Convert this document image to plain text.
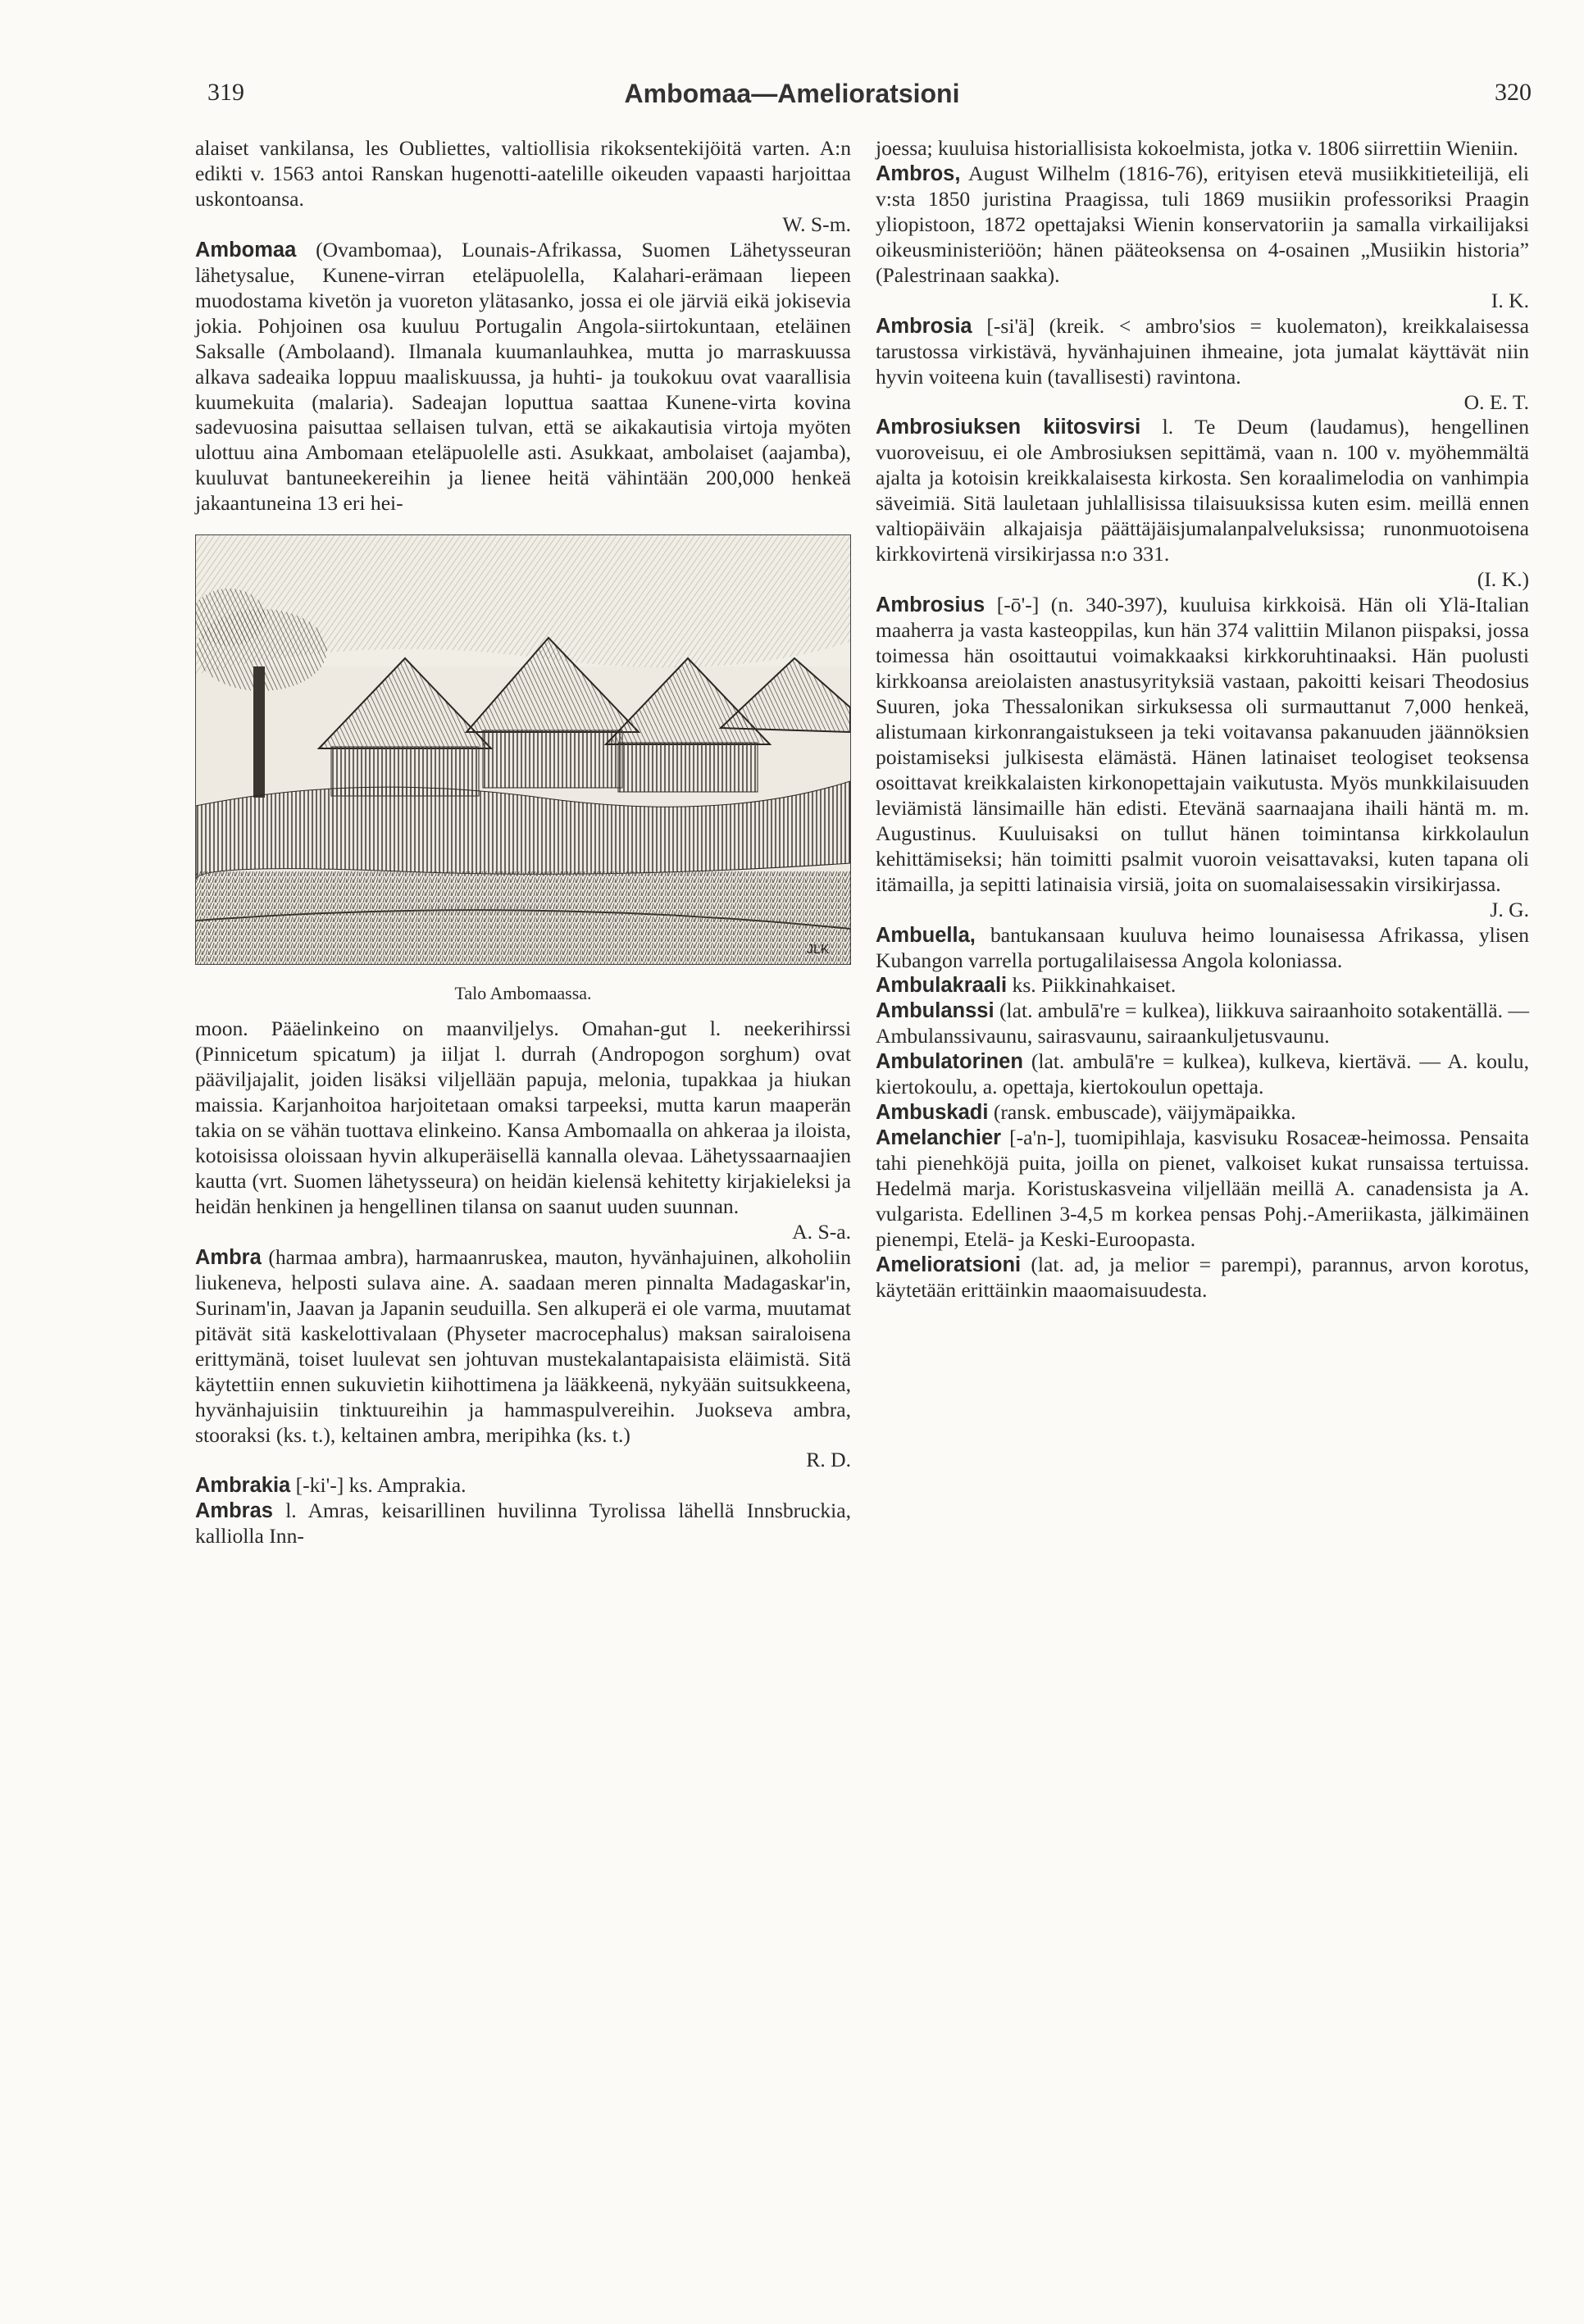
319	Ambomaa—Amelioratsioni	320

alaiset vankilansa, les Oubliettes, valtiollisia rikoksentekijöitä varten. A:n edikti v. 1563 antoi Ranskan hugenotti-aatelille oikeuden vapaasti harjoittaa uskontoansa.

W. S-m.

Ambomaa (Ovambomaa), Lounais-Afrikassa, Suomen Lähetysseuran lähetysalue, Kunene-virran eteläpuolella, Kalahari-erämaan liepeen muodostama kivetön ja vuoreton ylätasanko, jossa ei ole järviä eikä jokisevia jokia. Pohjoinen osa kuuluu Portugalin Angola-siirtokuntaan, eteläinen Saksalle (Ambolaand). Ilmanala kuumanlauhkea, mutta jo marraskuussa alkava sadeaika loppuu maaliskuussa, ja huhti- ja toukokuu ovat vaarallisia kuumekuita (malaria). Sadeajan loputtua saattaa Kunene-virta kovina sadevuosina paisuttaa sellaisen tulvan, että se aikakautisia virtoja myöten ulottuu aina Ambomaan eteläpuolelle asti. Asukkaat, ambolaiset (aajamba), kuuluvat bantuneekereihin ja lienee heitä vähintään 200,000 henkeä jakaantuneina 13 eri hei-

JLK
Talo Ambomaassa.

moon. Pääelinkeino on maanviljelys. Omahan-gut l. neekerihirssi (Pinnicetum spicatum) ja iiljat l. durrah (Andropogon sorghum) ovat pääviljajalit, joiden lisäksi viljellään papuja, melonia, tupakkaa ja hiukan maissia. Karjanhoitoa harjoitetaan omaksi tarpeeksi, mutta karun maaperän takia on se vähän tuottava elinkeino. Kansa Ambomaalla on ahkeraa ja iloista, kotoisissa oloissaan hyvin alkuperäisellä kannalla olevaa. Lähetyssaarnaajien kautta (vrt. Suomen lähetysseura) on heidän kielensä kehitetty kirjakieleksi ja heidän henkinen ja hengellinen tilansa on saanut uuden suunnan.

A. S-a.

Ambra (harmaa ambra), harmaanruskea, mauton, hyvänhajuinen, alkoholiin liukeneva, helposti sulava aine. A. saadaan meren pinnalta Madagaskar'in, Surinam'in, Jaavan ja Japanin seuduilla. Sen alkuperä ei ole varma, muutamat pitävät sitä kaskelottivalaan (Physeter macrocephalus) maksan sairaloisena erittymänä, toiset luulevat sen johtuvan mustekalantapaisista eläimistä. Sitä käytettiin ennen sukuvietin kiihottimena ja lääkkeenä, nykyään suitsukkeena, hyvänhajuisiin tinktuureihin ja hammaspulvereihin. Juokseva ambra, stooraksi (ks. t.), keltainen ambra, meripihka (ks. t.)

R. D.

Ambrakia [-ki'-] ks. Amprakia.

Ambras l. Amras, keisarillinen huvilinna Tyrolissa lähellä Innsbruckia, kalliolla Inn-

joessa; kuuluisa historiallisista kokoelmista, jotka v. 1806 siirrettiin Wieniin.

Ambros, August Wilhelm (1816-76), erityisen etevä musiikkitieteilijä, eli v:sta 1850 juristina Praagissa, tuli 1869 musiikin professoriksi Praagin yliopistoon, 1872 opettajaksi Wienin konservatoriin ja samalla virkailijaksi oikeusministeriöön; hänen pääteoksensa on 4-osainen „Musiikin historia” (Palestrinaan saakka).

I. K.

Ambrosia [-si'ä] (kreik. < ambro'sios = kuolematon), kreikkalaisessa tarustossa virkistävä, hyvänhajuinen ihmeaine, jota jumalat käyttävät niin hyvin voiteena kuin (tavallisesti) ravintona.

O. E. T.

Ambrosiuksen kiitosvirsi l. Te Deum (laudamus), hengellinen vuoroveisuu, ei ole Ambrosiuksen sepittämä, vaan n. 100 v. myöhemmältä ajalta ja kotoisin kreikkalaisesta kirkosta. Sen koraalimelodia on vanhimpia säveimiä. Sitä lauletaan juhlallisissa tilaisuuksissa kuten esim. meillä ennen valtiopäiväin alkajaisja päättäjäisjumalanpalveluksissa; runonmuotoisena kirkkovirtenä virsikirjassa n:o 331.

(I. K.)

Ambrosius [-ō'-] (n. 340-397), kuuluisa kirkkoisä. Hän oli Ylä-Italian maaherra ja vasta kasteoppilas, kun hän 374 valittiin Milanon piispaksi, jossa toimessa hän osoittautui voimakkaaksi kirkkoruhtinaaksi. Hän puolusti kirkkoansa areiolaisten anastusyrityksiä vastaan, pakoitti keisari Theodosius Suuren, joka Thessalonikan sirkuksessa oli surmauttanut 7,000 henkeä, alistumaan kirkonrangaistukseen ja teki voitavansa pakanuuden jäännöksien poistamiseksi julkisesta elämästä. Hänen latinaiset teologiset teoksensa osoittavat kreikkalaisten kirkonopettajain vaikutusta. Myös munkkilaisuuden leviämistä länsimaille hän edisti. Etevänä saarnaajana ihaili häntä m. m. Augustinus. Kuuluisaksi on tullut hänen toimintansa kirkkolaulun kehittämiseksi; hän toimitti psalmit vuoroin veisattavaksi, kuten tapana oli itämailla, ja sepitti latinaisia virsiä, joita on suomalaisessakin virsikirjassa.

J. G.

Ambuella, bantukansaan kuuluva heimo lounaisessa Afrikassa, ylisen Kubangon varrella portugalilaisessa Angola koloniassa.

Ambulakraali ks. Piikkinahkaiset.

Ambulanssi (lat. ambulā're = kulkea), liikkuva sairaanhoito sotakentällä. — Ambulanssivaunu, sairasvaunu, sairaankuljetusvaunu.

Ambulatorinen (lat. ambulā're = kulkea), kulkeva, kiertävä. — A. koulu, kiertokoulu, a. opettaja, kiertokoulun opettaja.

Ambuskadi (ransk. embuscade), väijymäpaikka.

Amelanchier [-a'n-], tuomipihlaja, kasvisuku Rosaceæ-heimossa. Pensaita tahi pienehköjä puita, joilla on pienet, valkoiset kukat runsaissa tertuissa. Hedelmä marja. Koristuskasveina viljellään meillä A. canadensista ja A. vulgarista. Edellinen 3-4,5 m korkea pensas Pohj.-Ameriikasta, jälkimäinen pienempi, Etelä- ja Keski-Euroopasta.

Amelioratsioni (lat. ad, ja melior = parempi), parannus, arvon korotus, käytetään erittäinkin maaomaisuudesta.
